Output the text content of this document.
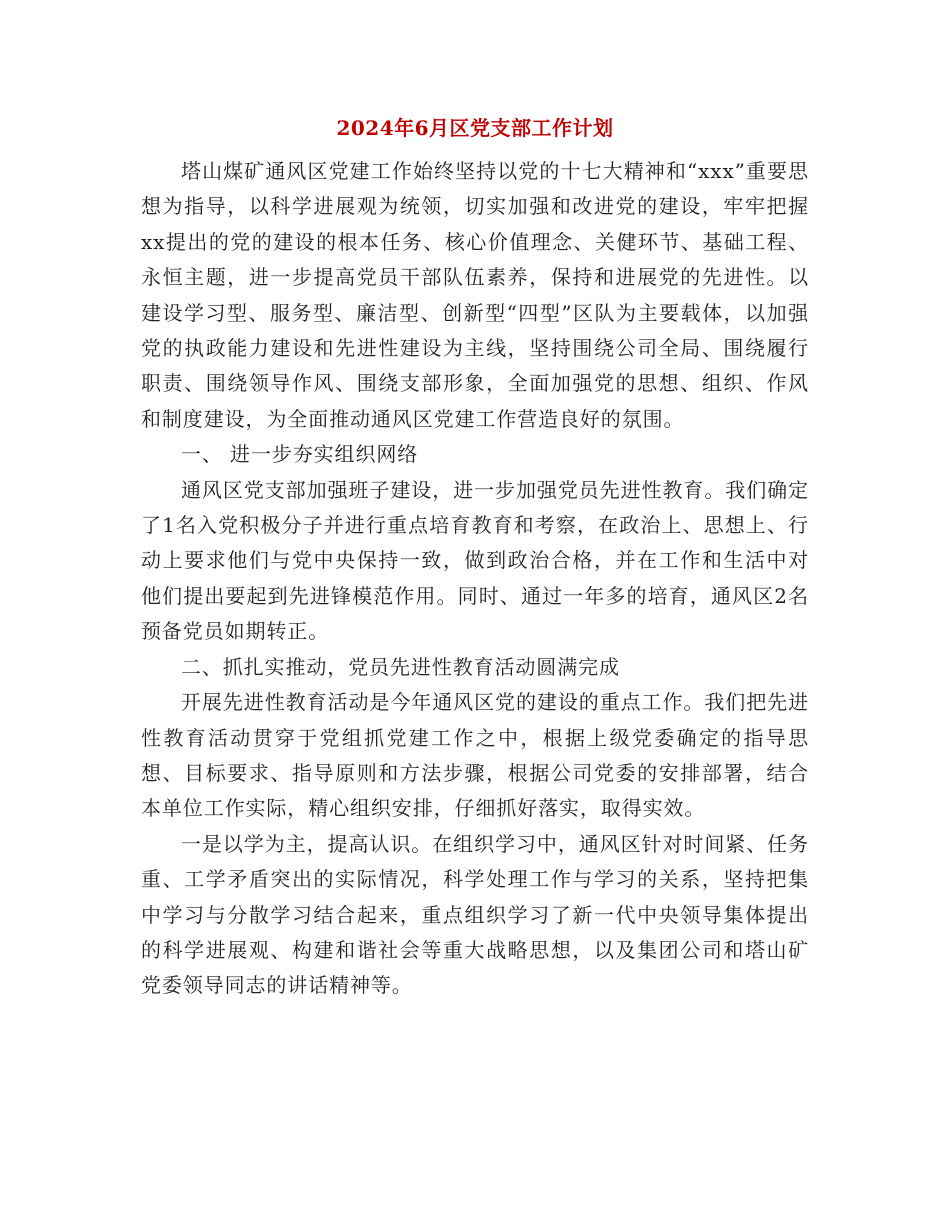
2024年6月区党支部工作计划

塔山煤矿通风区党建工作始终坚持以党的十七大精神和“xxx”重要思想为指导，以科学进展观为统领，切实加强和改进党的建设，牢牢把握xx提出的党的建设的根本任务、核心价值理念、关健环节、基础工程、永恒主题，进一步提高党员干部队伍素养，保持和进展党的先进性。以建设学习型、服务型、廉洁型、创新型“四型”区队为主要载体，以加强党的执政能力建设和先进性建设为主线，坚持围绕公司全局、围绕履行职责、围绕领导作风、围绕支部形象，全面加强党的思想、组织、作风和制度建设，为全面推动通风区党建工作营造良好的氛围。

一、 进一步夯实组织网络

通风区党支部加强班子建设，进一步加强党员先进性教育。我们确定了1名入党积极分子并进行重点培育教育和考察，在政治上、思想上、行动上要求他们与党中央保持一致，做到政治合格，并在工作和生活中对他们提出要起到先进锋模范作用。同时、通过一年多的培育，通风区2名预备党员如期转正。

二、抓扎实推动，党员先进性教育活动圆满完成

开展先进性教育活动是今年通风区党的建设的重点工作。我们把先进性教育活动贯穿于党组抓党建工作之中，根据上级党委确定的指导思想、目标要求、指导原则和方法步骤，根据公司党委的安排部署，结合本单位工作实际，精心组织安排，仔细抓好落实，取得实效。

一是以学为主，提高认识。在组织学习中，通风区针对时间紧、任务重、工学矛盾突出的实际情况，科学处理工作与学习的关系，坚持把集中学习与分散学习结合起来，重点组织学习了新一代中央领导集体提出的科学进展观、构建和谐社会等重大战略思想，以及集团公司和塔山矿党委领导同志的讲话精神等。
